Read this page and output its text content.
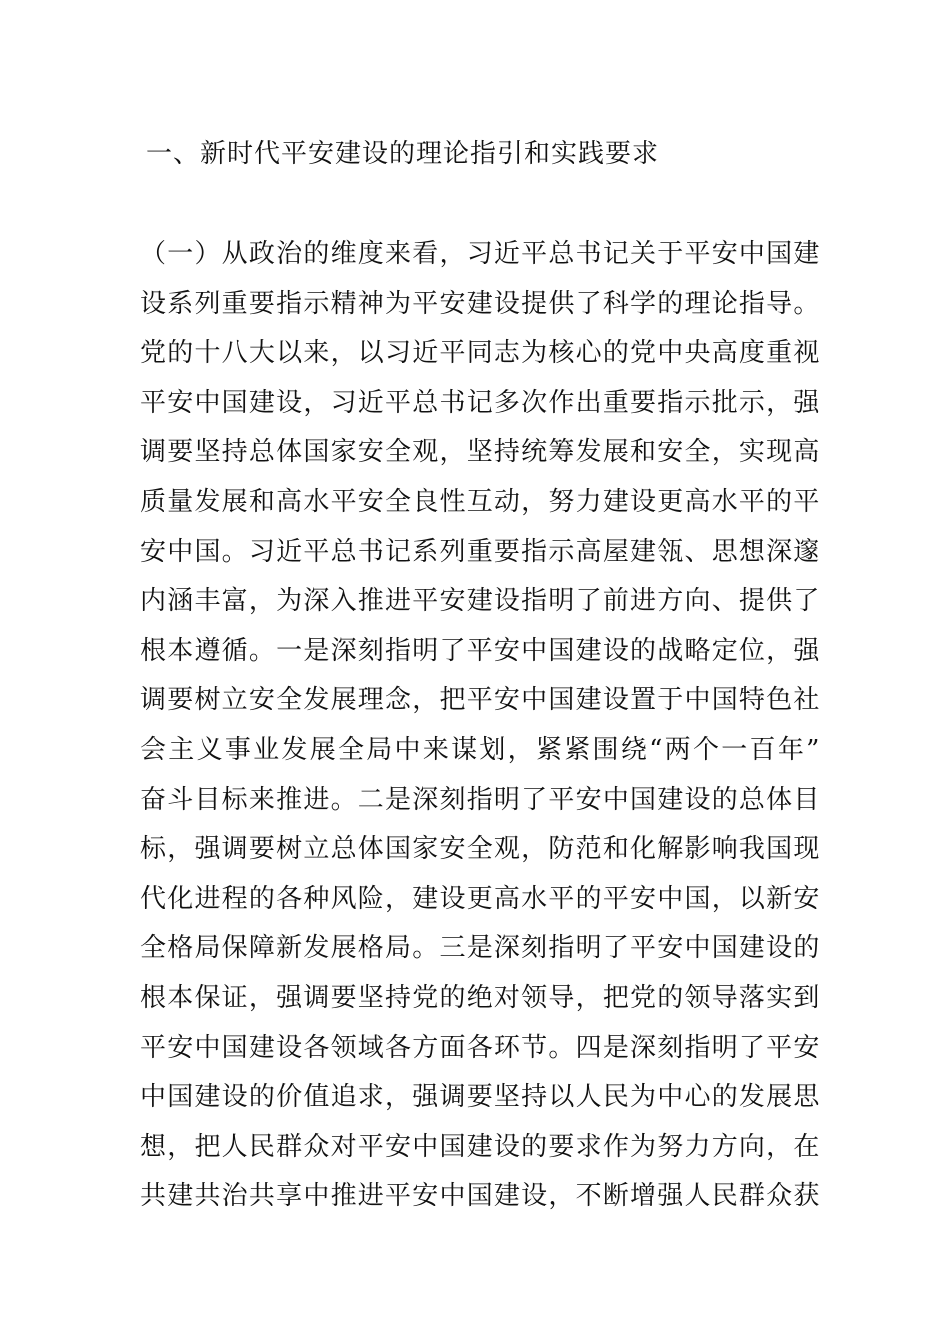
一、新时代平安建设的理论指引和实践要求
（一）从政治的维度来看，习近平总书记关于平安中国建
设系列重要指示精神为平安建设提供了科学的理论指导。
党的十八大以来，以习近平同志为核心的党中央高度重视
平安中国建设，习近平总书记多次作出重要指示批示，强
调要坚持总体国家安全观，坚持统筹发展和安全，实现高
质量发展和高水平安全良性互动，努力建设更高水平的平
安中国。习近平总书记系列重要指示高屋建瓴、思想深邃
内涵丰富，为深入推进平安建设指明了前进方向、提供了
根本遵循。一是深刻指明了平安中国建设的战略定位，强
调要树立安全发展理念，把平安中国建设置于中国特色社
会主义事业发展全局中来谋划，紧紧围绕“两个一百年”
奋斗目标来推进。二是深刻指明了平安中国建设的总体目
标，强调要树立总体国家安全观，防范和化解影响我国现
代化进程的各种风险，建设更高水平的平安中国，以新安
全格局保障新发展格局。三是深刻指明了平安中国建设的
根本保证，强调要坚持党的绝对领导，把党的领导落实到
平安中国建设各领域各方面各环节。四是深刻指明了平安
中国建设的价值追求，强调要坚持以人民为中心的发展思
想，把人民群众对平安中国建设的要求作为努力方向，在
共建共治共享中推进平安中国建设，不断增强人民群众获
